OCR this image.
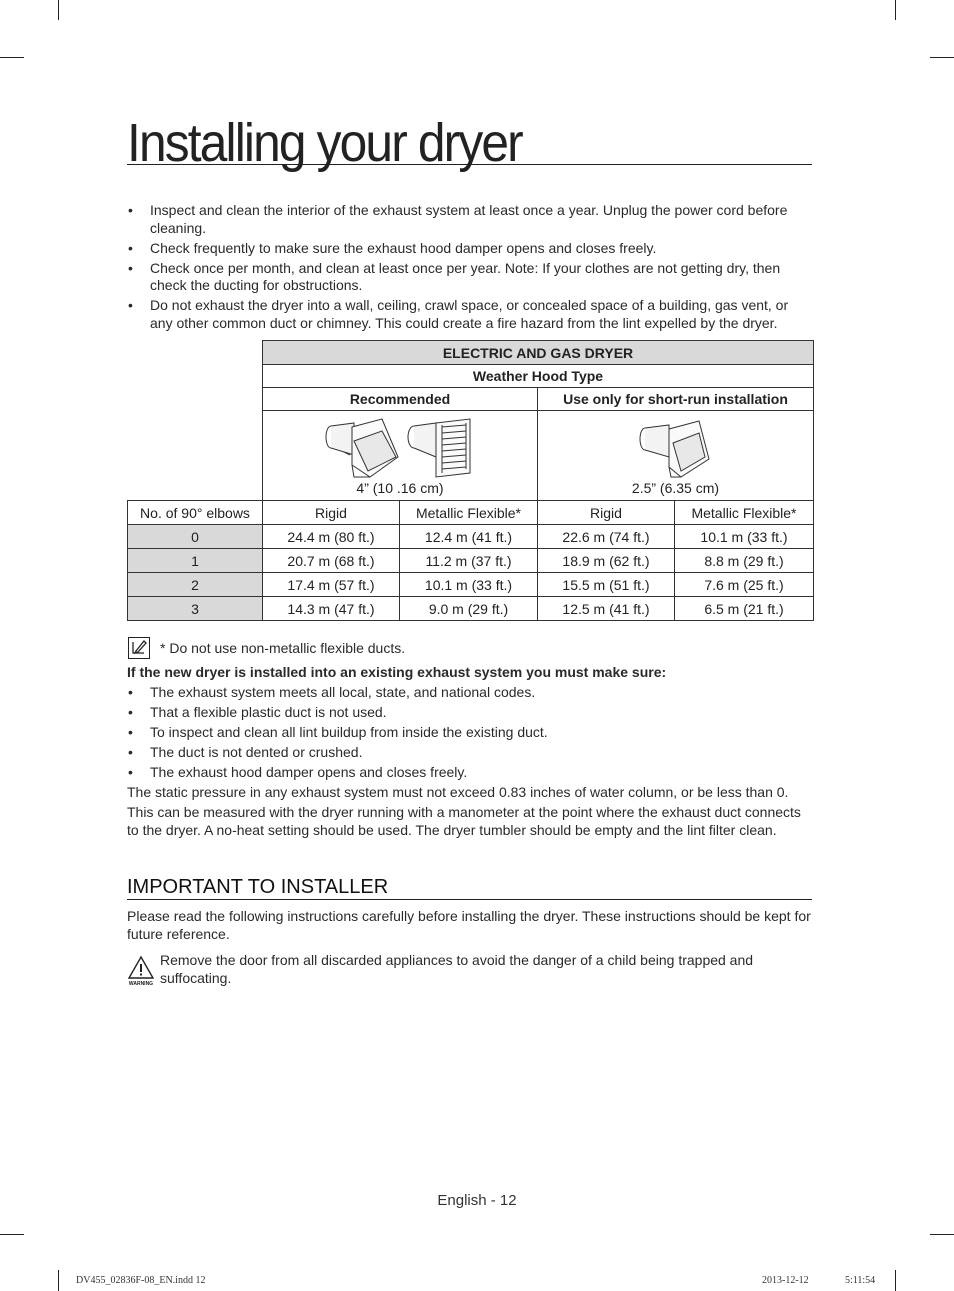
Installing your dryer
• Inspect and clean the interior of the exhaust system at least once a year. Unplug the power cord before cleaning.
• Check frequently to make sure the exhaust hood damper opens and closes freely.
• Check once per month, and clean at least once per year. Note: If your clothes are not getting dry, then check the ducting for obstructions.
• Do not exhaust the dryer into a wall, ceiling, crawl space, or concealed space of a building, gas vent, or any other common duct or chimney. This could create a fire hazard from the lint expelled by the dryer.
	ELECTRIC AND GAS DRYER			
	Weather Hood Type			
	Recommended		Use only for short-run installation	

	4” (10 .16 cm)		2.5” (6.35 cm)	

No. of 90° elbows	Rigid	Metallic Flexible*	Rigid	Metallic Flexible*
0	24.4 m (80 ft.)	12.4 m (41 ft.)	22.6 m (74 ft.)	10.1 m (33 ft.)
1	20.7 m (68 ft.)	11.2 m (37 ft.)	18.9 m (62 ft.)	8.8 m (29 ft.)
2	17.4 m (57 ft.)	10.1 m (33 ft.)	15.5 m (51 ft.)	7.6 m (25 ft.)
3	14.3 m (47 ft.)	9.0 m (29 ft.)	12.5 m (41 ft.)	6.5 m (21 ft.)
* Do not use non-metallic flexible ducts.
If the new dryer is installed into an existing exhaust system you must make sure:
• The exhaust system meets all local, state, and national codes.
• That a flexible plastic duct is not used.
• To inspect and clean all lint buildup from inside the existing duct.
• The duct is not dented or crushed.
• The exhaust hood damper opens and closes freely.
The static pressure in any exhaust system must not exceed 0.83 inches of water column, or be less than 0.
This can be measured with the dryer running with a manometer at the point where the exhaust duct connects to the dryer. A no-heat setting should be used. The dryer tumbler should be empty and the lint filter clean.
IMPORTANT TO INSTALLER
Please read the following instructions carefully before installing the dryer. These instructions should be kept for future reference.
WARNING
Remove the door from all discarded appliances to avoid the danger of a child being trapped and suffocating.
English - 12
DV455_02836F-08_EN.indd 12	2013-12-12	5:11:54
